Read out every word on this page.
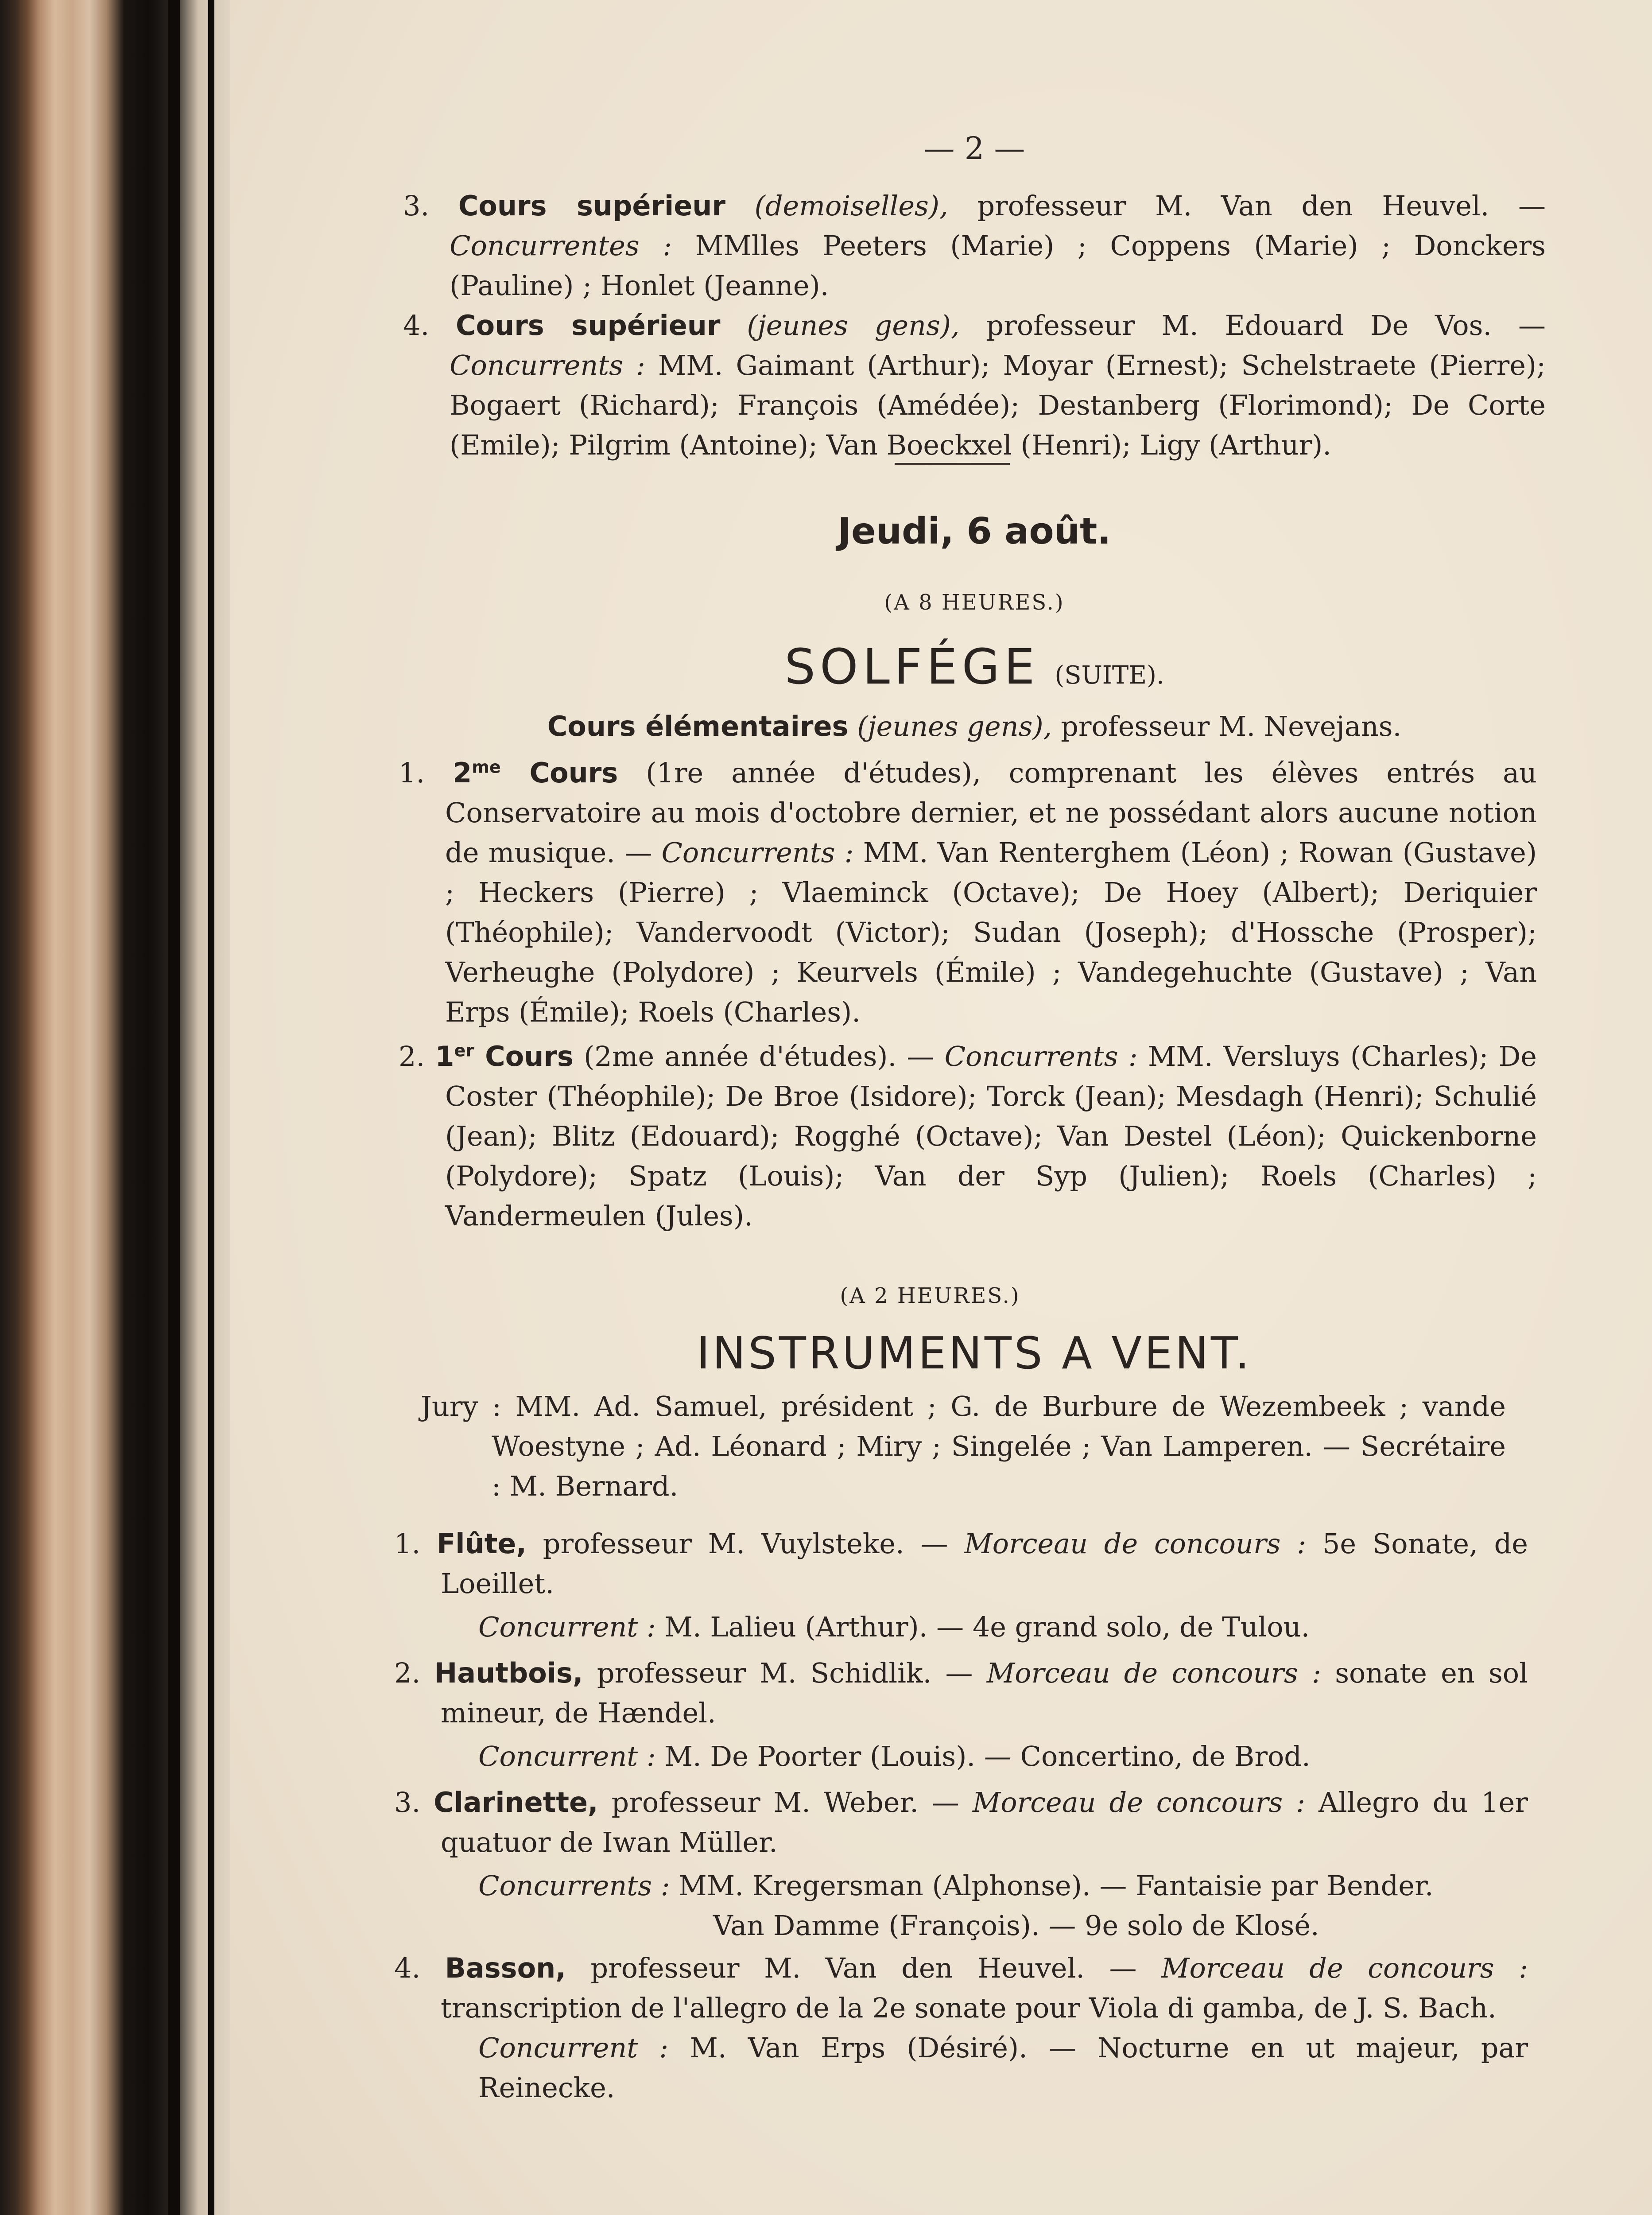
— 2 —

3. Cours supérieur (demoiselles), professeur M. Van den Heuvel. — Concurrentes : MMlles Peeters (Marie) ; Coppens (Marie) ; Donckers (Pauline) ; Honlet (Jeanne).

4. Cours supérieur (jeunes gens), professeur M. Edouard De Vos. — Concurrents : MM. Gaimant (Arthur); Moyar (Ernest); Schelstraete (Pierre); Bogaert (Richard); François (Amédée); Destanberg (Florimond); De Corte (Emile); Pilgrim (Antoine); Van Boeckxel (Henri); Ligy (Arthur).

Jeudi, 6 août.
(A 8 HEURES.)
SOLFÉGE (SUITE).
Cours élémentaires (jeunes gens), professeur M. Nevejans.

1. $2^{me}$ Cours (1re année d'études), comprenant les élèves entrés au Conservatoire au mois d'octobre dernier, et ne possédant alors aucune notion de musique. — Concurrents : MM. Van Renterghem (Léon) ; Rowan (Gustave) ; Heckers (Pierre) ; Vlaeminck (Octave); De Hoey (Albert); Deriquier (Théophile); Vandervoodt (Victor); Sudan (Joseph); d'Hossche (Prosper); Verheughe (Polydore) ; Keurvels (Émile) ; Vandegehuchte (Gustave) ; Van Erps (Émile); Roels (Charles).

2. 1er Cours (2me année d'études). — Concurrents : MM. Versluys (Charles); De Coster (Théophile); De Broe (Isidore); Torck (Jean); Mesdagh (Henri); Schulié (Jean); Blitz (Edouard); Rogghé (Octave); Van Destel (Léon); Quickenborne (Polydore); Spatz (Louis); Van der Syp (Julien); Roels (Charles) ; Vandermeulen (Jules).

(A 2 HEURES.)
INSTRUMENTS A VENT.
Jury : MM. Ad. Samuel, président ; G. de Burbure de Wezembeek ; vande Woestyne ; Ad. Léonard ; Miry ; Singelée ; Van Lamperen. — Secrétaire : M. Bernard.

1. Flûte, professeur M. Vuylsteke. — Morceau de concours : 5e Sonate, de Loeillet.

Concurrent : M. Lalieu (Arthur). — 4e grand solo, de Tulou.

2. Hautbois, professeur M. Schidlik. — Morceau de concours : sonate en sol mineur, de Hændel.

Concurrent : M. De Poorter (Louis). — Concertino, de Brod.

3. Clarinette, professeur M. Weber. — Morceau de concours : Allegro du 1er quatuor de Iwan Müller.

Concurrents : MM. Kregersman (Alphonse). — Fantaisie par Bender.

Van Damme (François). — 9e solo de Klosé.

4. Basson, professeur M. Van den Heuvel. — Morceau de concours : transcription de l'allegro de la 2e sonate pour Viola di gamba, de J. S. Bach.

Concurrent : M. Van Erps (Désiré). — Nocturne en ut majeur, par Reinecke.
